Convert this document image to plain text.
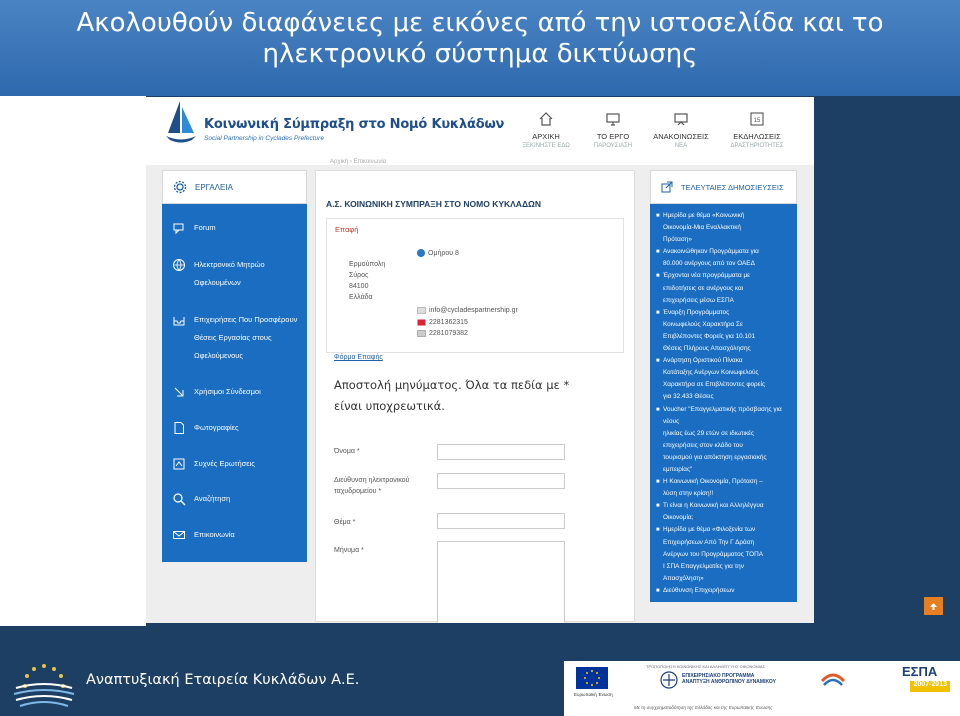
Ακολουθούν διαφάνειες με εικόνες από την ιστοσελίδα και το
ηλεκτρονικό σύστημα δικτύωσης
Κοινωνική Σύμπραξη στο Νομό Κυκλάδων
Social Partnership in Cyclades Prefecture	ΑΡΧΙΚΗ
ΞΕΚΙΝΗΣΤΕ ΕΔΩ
ΤΟ ΕΡΓΟ
ΠΑΡΟΥΣΙΑΣΗ
ΑΝΑΚΟΙΝΩΣΕΙΣ
ΝΕΑ
15
ΕΚΔΗΛΩΣΕΙΣ
ΔΡΑΣΤΗΡΙΟΤΗΤΕΣ
Αρχική › Επικοινωνία
ΕΡΓΑΛΕΙΑ
Forum
Ηλεκτρονικό Μητρώο
Ωφελουμένων
Επιχειρήσεις Που Προσφέρουν
Θέσεις Εργασίας στους
Ωφελούμενους
Χρήσιμοι Σύνδεσμοι
Φωτογραφίες
Συχνές Ερωτήσεις
Αναζήτηση
Επικοινωνία
Α.Σ. ΚΟΙΝΩΝΙΚΗ ΣΥΜΠΡΑΞΗ ΣΤΟ ΝΟΜΟ ΚΥΚΛΑΔΩΝ
Επαφή
Ομήρου 8
Ερμούπολη
Σύρος
84100
Ελλάδα
info@cycladespartnership.gr
2281362315
2281079382
Φόρμα Επαφής
Αποστολή μηνύματος. Όλα τα πεδία με * είναι υποχρεωτικά.
Όνομα *
Διεύθυνση ηλεκτρονικού
ταχυδρομείου *
Θέμα *
Μήνυμα *
ΤΕΛΕΥΤΑΙΕΣ ΔΗΜΟΣΙΕΥΣΕΙΣ
■ Ημερίδα με θέμα «Κοινωνική
Οικονομία-Μια Εναλλακτική
Πρόταση»
■ Ανακοινώθηκαν Προγράμματα για
80.000 ανέργους από τον ΟΑΕΔ
■ Έρχονται νέα προγράμματα με
επιδοτήσεις σε ανέργους και
επιχειρήσεις μέσω ΕΣΠΑ
■ Έναρξη Προγράμματος
Κοινωφελούς Χαρακτήρα Σε
Επιβλέποντες Φορείς για 10.101
Θέσεις Πλήρους Απασχόλησης
■ Ανάρτηση Οριστικού Πίνακα
Κατάταξης Ανέργων Κοινωφελούς
Χαρακτήρα σε Επιβλέποντες φορείς
για 32.433 Θέσεις
■ Voucher "Επαγγελματικής πρόσβασης για νέους
ηλικίας έως 29 ετών σε ιδιωτικές
επιχειρήσεις στον κλάδο του
τουρισμού για απόκτηση εργασιακής
εμπειρίας"
■ Η Κοινωνική Οικονομία, Πρόταση –
λύση στην κρίση!!
■ Τι είναι η Κοινωνική και Αλληλέγγυα
Οικονομία;
■ Ημερίδα με θέμα «Φιλοξενία των
Επιχειρήσεων Από Την Γ Δράση
Ανέργων του Προγράμματος ΤΟΠΑ
Ι ΣΠΑ Επαγγελματίες για την
Απασχόληση»
■ Διεύθυνση Επιχειρήσεων
Αναπτυξιακή Εταιρεία Κυκλάδων Α.Ε.
ΤΡΟΠΟΠΟΙΗΣΗ ΚΟΙΝΩΝΙΚΗΣ ΚΑΙ ΑΛΛΗΛΕΓΓΥΗΣ ΟΙΚΟΝΟΜΙΑΣ
Ευρωπαϊκή Ένωση
ΕΠΙΧΕΙΡΗΣΙΑΚΟ ΠΡΟΓΡΑΜΜΑ
ΑΝΑΠΤΥΞΗ ΑΝΘΡΩΠΙΝΟΥ ΔΥΝΑΜΙΚΟΥ
ΕΣΠΑ
2007-2013
Με τη συγχρηματοδότηση της Ελλάδας και της Ευρωπαϊκής Ένωσης
